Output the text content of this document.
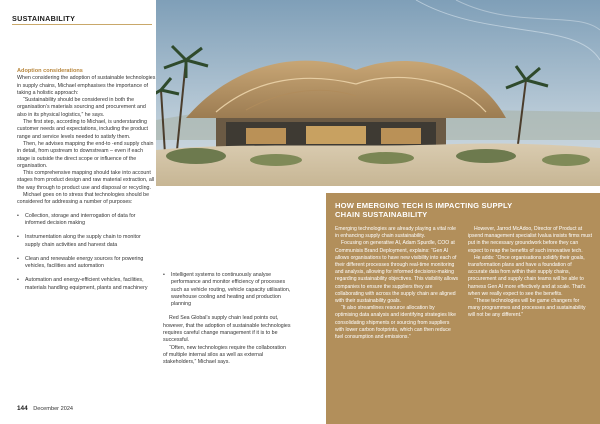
SUSTAINABILITY

Adoption considerations

When considering the adoption of sustainable technologies in supply chains, Michael emphasises the importance of taking a holistic approach:

“Sustainability should be considered in both the organisation’s materials sourcing and procurement and also in its physical logistics,” he says.

The first step, according to Michael, is understanding customer needs and expectations, including the product range and service levels needed to satisfy them.

Then, he advises mapping the end-to -end supply chain in detail, from upstream to downstream – even if each stage is outside the direct scope or influence of the organisation.

This comprehensive mapping should take into account stages from product design and raw material extraction, all the way through to product use and disposal or recycling.

Michael goes on to stress that technologies should be considered for addressing a number of purposes:

• Collection, storage and interrogation of data for informed decision making
• Instrumentation along the supply chain to monitor supply chain activities and harvest data
• Clean and renewable energy sources for powering vehicles, facilities and automation
• Automation and energy-efficient vehicles, facilities, materials handling equipment, plants and machinery
• Intelligent systems to continuously analyse performance and monitor efficiency of processes such as vehicle routing, vehicle capacity utilisation, warehouse cooling and heating and production planning

Red Sea Global’s supply chain lead points out, however, that the adoption of sustainable technologies requires careful change management if it is to be successful.

“Often, new technologies require the collaboration of multiple internal silos as well as external stakeholders,” Michael says.

HOW EMERGING TECH IS IMPACTING SUPPLY CHAIN SUSTAINABILITY

Emerging technologies are already playing a vital role in enhancing supply chain sustainability.

Focusing on generative AI, Adam Spurdle, COO at Communisis Brand Deployment, explains: “Gen AI allows organisations to have new visibility into each of their different processes through real-time monitoring and analysis, allowing for informed decisions-making regarding sustainability objectives. This visibility allows companies to ensure the suppliers they are collaborating with across the supply chain are aligned with their sustainability goals.

“It also streamlines resource allocation by optimising data analysis and identifying strategies like consolidating shipments or sourcing from suppliers with lower carbon footprints, which can then reduce fuel consumption and emissions.”

However, Jarrod McAdoo, Director of Product at ipsend management specialist Ivalua insists firms must put in the necessary groundwork before they can expect to reap the benefits of such innovative tech.

He adds: “Once organisations solidify their goals, transformation plans and have a foundation of accurate data from within their supply chains, procurement and supply chain teams will be able to harness Gen AI more effectively and at scale. That’s when we really expect to see the benefits.

“These technologies will be game changers for many programmes and processes and sustainability will not be any different.”

144 December 2024
